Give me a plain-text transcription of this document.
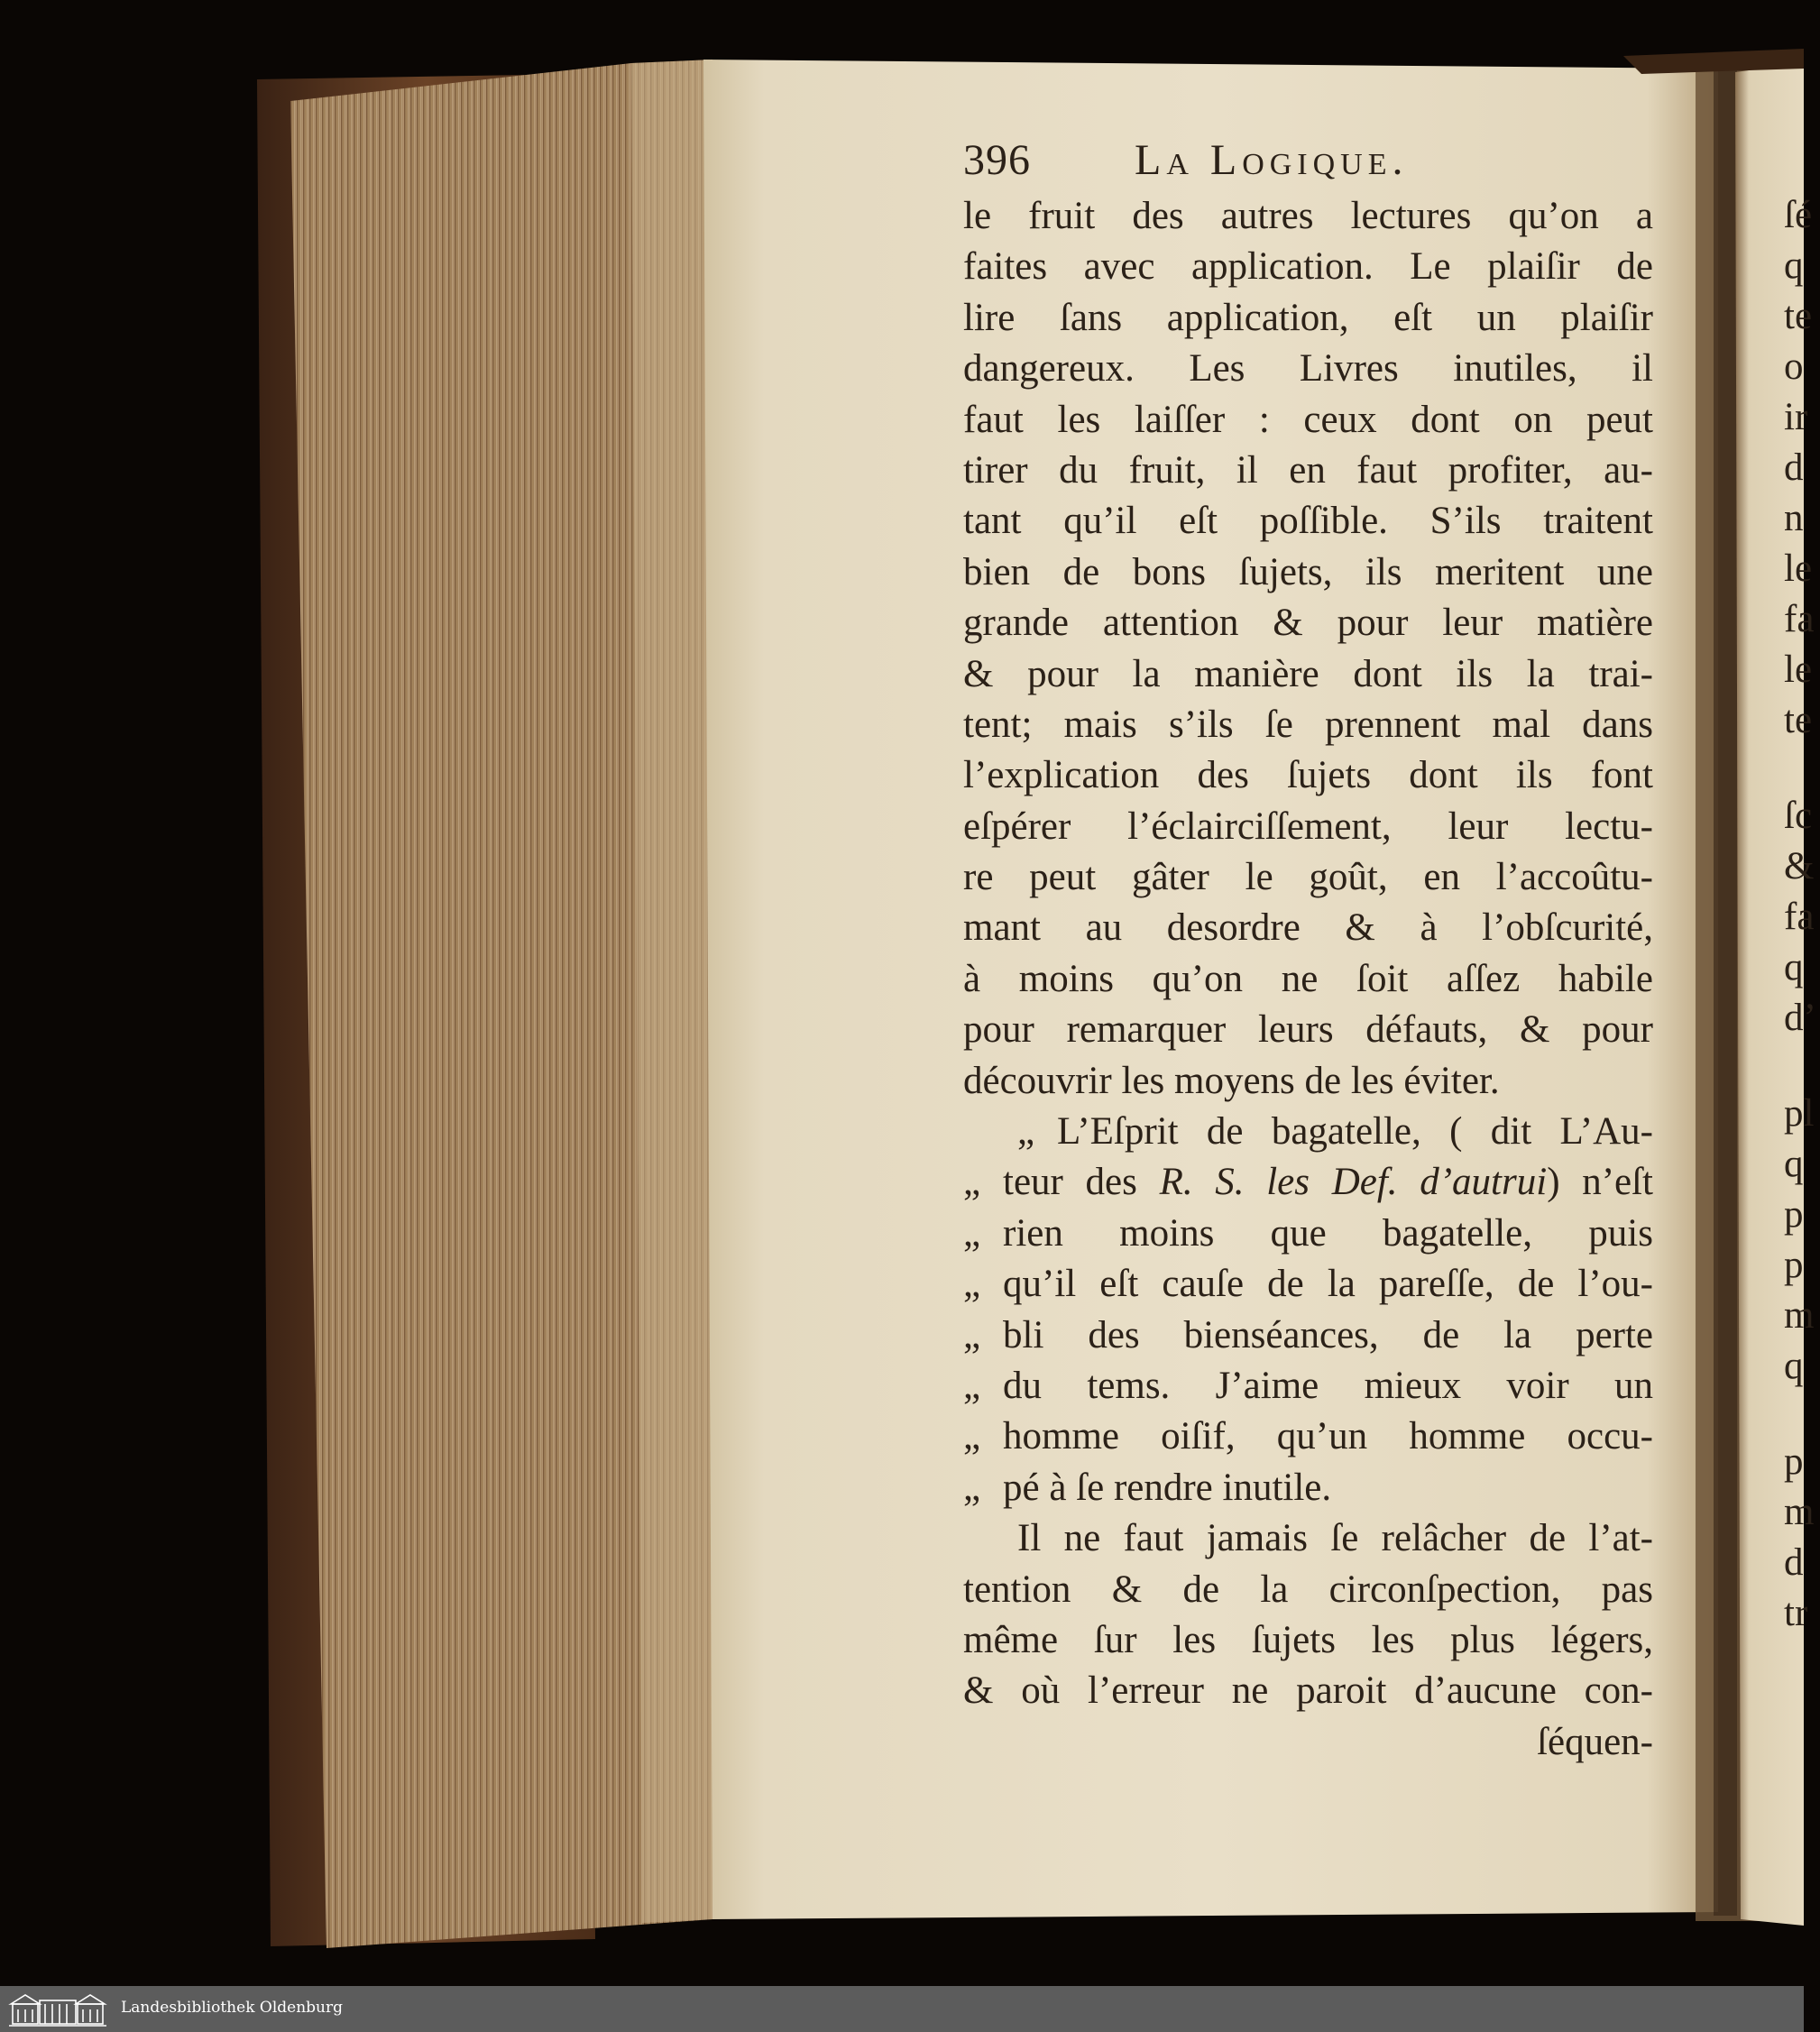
396 La Logique.
le fruit des autres lectures qu’on a
faites avec application. Le plaiſir de
lire ſans application, eſt un plaiſir
dangereux. Les Livres inutiles, il
faut les laiſſer : ceux dont on peut
tirer du fruit, il en faut profiter, au-
tant qu’il eſt poſſible. S’ils traitent
bien de bons ſujets, ils meritent une
grande attention & pour leur matière
& pour la manière dont ils la trai-
tent; mais s’ils ſe prennent mal dans
l’explication des ſujets dont ils font
eſpérer l’éclairciſſement, leur lectu-
re peut gâter le goût, en l’accoûtu-
mant au desordre & à l’obſcurité,
à moins qu’on ne ſoit aſſez habile
pour remarquer leurs défauts, & pour
découvrir les moyens de les éviter.
„ L’Eſprit de bagatelle, ( dit L’Au-
„ teur des R. S. les Def. d’autrui) n’eſt
„ rien moins que bagatelle, puis
„ qu’il eſt cauſe de la pareſſe, de l’ou-
„ bli des bienséances, de la perte
„ du tems. J’aime mieux voir un
„ homme oiſif, qu’un homme occu-
„ pé à ſe rendre inutile.
Il ne faut jamais ſe relâcher de l’at-
tention & de la circonſpection, pas
même ſur les ſujets les plus légers,
& où l’erreur ne paroit d’aucune con-
ſéquen-
ſé
q
te
o
ir
d
n
le
fa
le
te
ſc
&
fa
q
d’
pl
q
p
p
m
q
p
m
d
tr
Landesbibliothek Oldenburg
